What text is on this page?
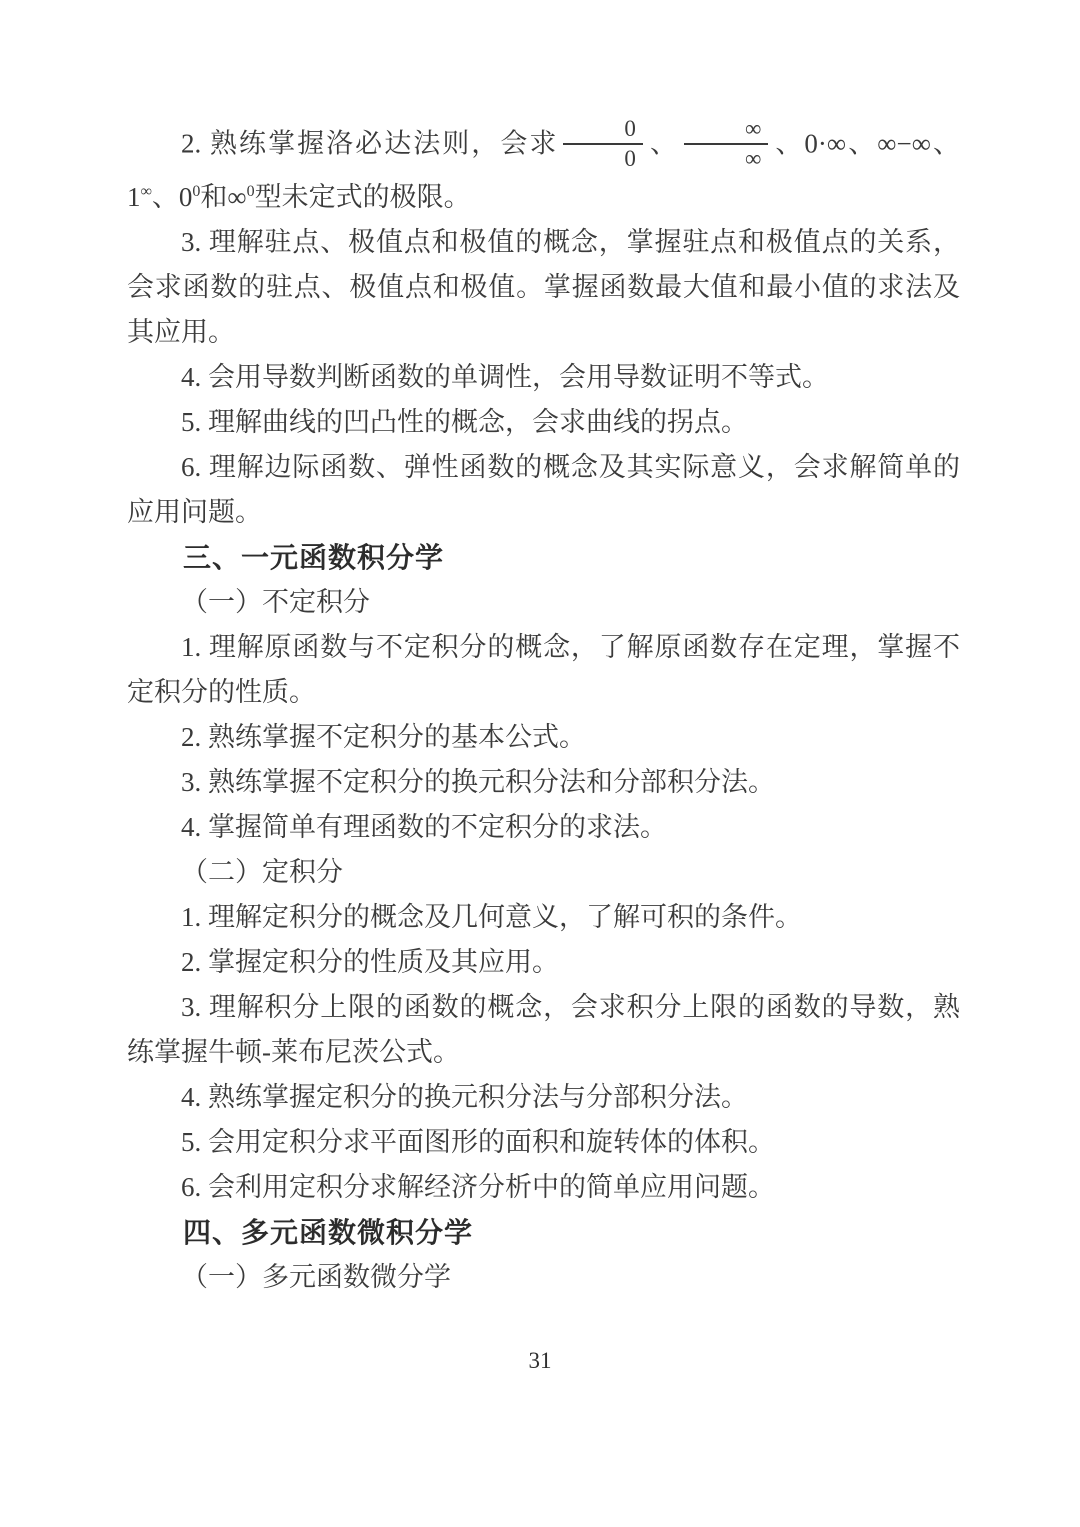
2. 熟练掌握洛必达法则，会求 $\frac{0}{0}$ 、 $\frac{\infty}{\infty}$ 、0·∞、∞−∞、1∞、$0^0$和∞$^0$型未定式的极限。

3. 理解驻点、极值点和极值的概念，掌握驻点和极值点的关系，会求函数的驻点、极值点和极值。掌握函数最大值和最小值的求法及其应用。

4. 会用导数判断函数的单调性，会用导数证明不等式。

5. 理解曲线的凹凸性的概念，会求曲线的拐点。

6. 理解边际函数、弹性函数的概念及其实际意义，会求解简单的应用问题。

三、一元函数积分学

（一）不定积分

1. 理解原函数与不定积分的概念，了解原函数存在定理，掌握不定积分的性质。

2. 熟练掌握不定积分的基本公式。

3. 熟练掌握不定积分的换元积分法和分部积分法。

4. 掌握简单有理函数的不定积分的求法。

（二）定积分

1. 理解定积分的概念及几何意义，了解可积的条件。

2. 掌握定积分的性质及其应用。

3. 理解积分上限的函数的概念，会求积分上限的函数的导数，熟练掌握牛顿-莱布尼茨公式。

4. 熟练掌握定积分的换元积分法与分部积分法。

5. 会用定积分求平面图形的面积和旋转体的体积。

6. 会利用定积分求解经济分析中的简单应用问题。

四、多元函数微积分学

（一）多元函数微分学

31
